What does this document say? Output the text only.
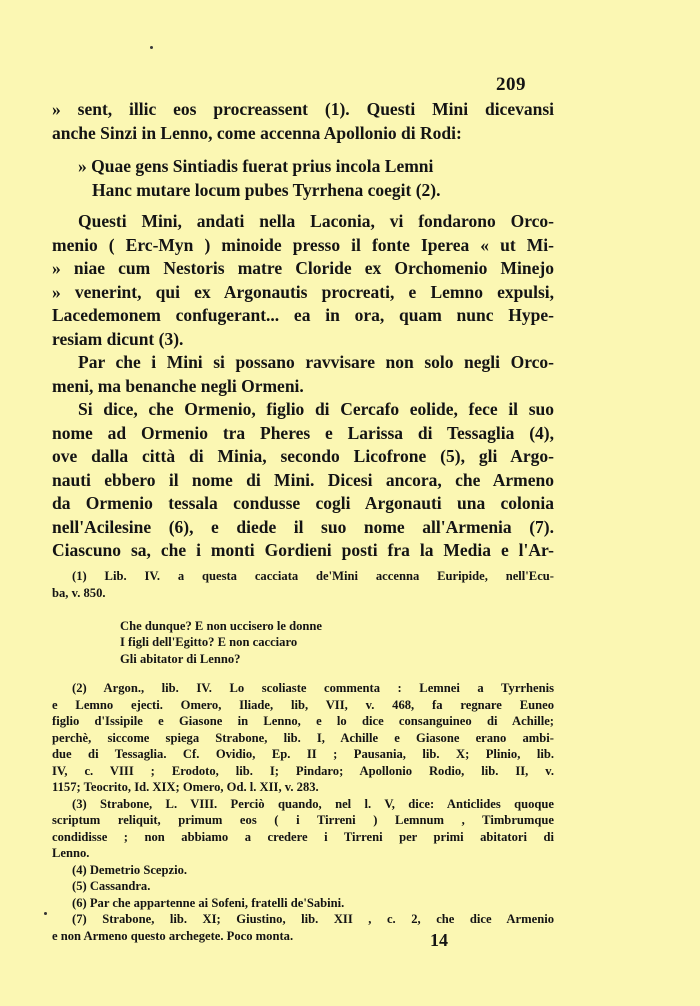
209
» sent, illic eos procreassent (1). Questi Mini dicevansi
anche Sinzi in Lenno, come accenna Apollonio di Rodi:
» Quae gens Sintiadis fuerat prius incola Lemni
Hanc mutare locum pubes Tyrrhena coegit (2).
Questi Mini, andati nella Laconia, vi fondarono Orco-
menio ( Erc-Myn ) minoide presso il fonte Iperea « ut Mi-
» niae cum Nestoris matre Cloride ex Orchomenio Minejo
» venerint, qui ex Argonautis procreati, e Lemno expulsi,
Lacedemonem confugerant... ea in ora, quam nunc Hype-
resiam dicunt (3).
Par che i Mini si possano ravvisare non solo negli Orco-
meni, ma benanche negli Ormeni.
Si dice, che Ormenio, figlio di Cercafo eolide, fece il suo
nome ad Ormenio tra Pheres e Larissa di Tessaglia (4),
ove dalla città di Minia, secondo Licofrone (5), gli Argo-
nauti ebbero il nome di Mini. Dicesi ancora, che Armeno
da Ormenio tessala condusse cogli Argonauti una colonia
nell'Acilesine (6), e diede il suo nome all'Armenia (7).
Ciascuno sa, che i monti Gordieni posti fra la Media e l'Ar-
(1) Lib. IV. a questa cacciata de'Mini accenna Euripide, nell'Ecu-
ba, v. 850.
Che dunque? E non uccisero le donne
I figli dell'Egitto? E non cacciaro
Gli abitator di Lenno?
(2) Argon., lib. IV. Lo scoliaste commenta : Lemnei a Tyrrhenis
e Lemno ejecti. Omero, Iliade, lib, VII, v. 468, fa regnare Euneo
figlio d'Issipile e Giasone in Lenno, e lo dice consanguineo di Achille;
perchè, siccome spiega Strabone, lib. I, Achille e Giasone erano ambi-
due di Tessaglia. Cf. Ovidio, Ep. II ; Pausania, lib. X; Plinio, lib.
IV, c. VIII ; Erodoto, lib. I; Pindaro; Apollonio Rodio, lib. II, v.
1157; Teocrito, Id. XIX; Omero, Od. l. XII, v. 283.
(3) Strabone, L. VIII. Perciò quando, nel l. V, dice: Anticlides quoque
scriptum reliquit, primum eos ( i Tirreni ) Lemnum , Timbrumque
condidisse ; non abbiamo a credere i Tirreni per primi abitatori di
Lenno.
(4) Demetrio Scepzio.
(5) Cassandra.
(6) Par che appartenne ai Sofeni, fratelli de'Sabini.
(7) Strabone, lib. XI; Giustino, lib. XII , c. 2, che dice Armenio
e non Armeno questo archegete. Poco monta.	14
